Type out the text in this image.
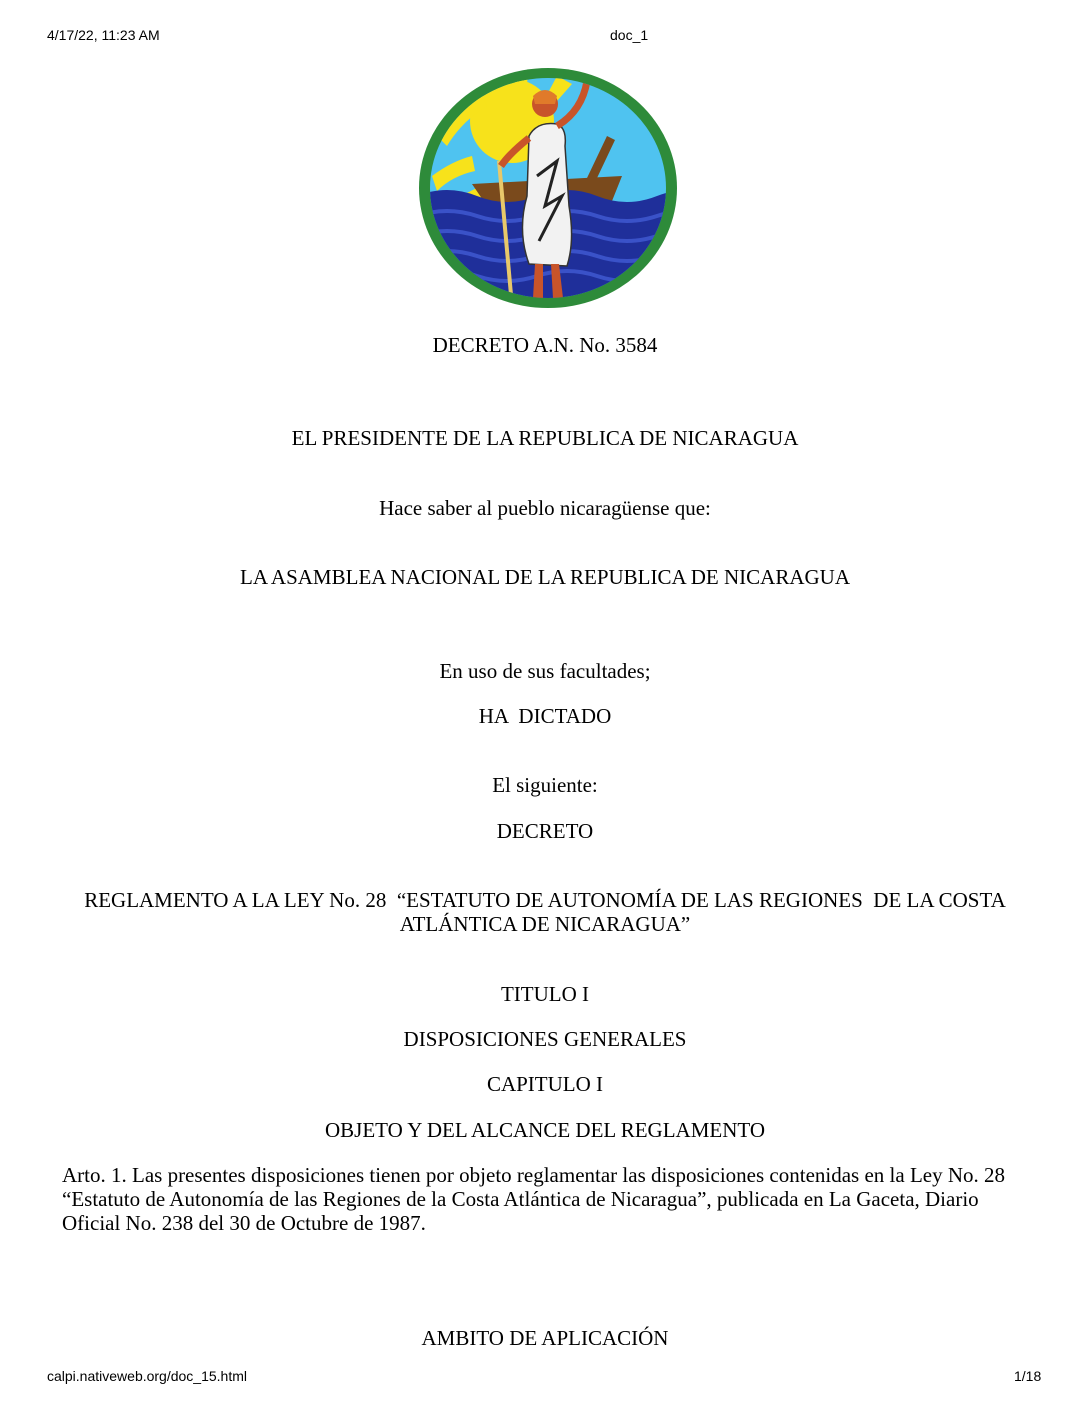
4/17/22, 11:23 AM	doc_1
DECRETO A.N. No. 3584
EL PRESIDENTE DE LA REPUBLICA DE NICARAGUA
Hace saber al pueblo nicaragüense que:
LA ASAMBLEA NACIONAL DE LA REPUBLICA DE NICARAGUA
En uso de sus facultades;
HA  DICTADO
El siguiente:
DECRETO
REGLAMENTO A LA LEY No. 28  “ESTATUTO DE AUTONOMÍA DE LAS REGIONES  DE LA COSTA
ATLÁNTICA DE NICARAGUA”
TITULO I
DISPOSICIONES GENERALES
CAPITULO I
OBJETO Y DEL ALCANCE DEL REGLAMENTO
Arto. 1. Las presentes disposiciones tienen por objeto reglamentar las disposiciones contenidas en la Ley No. 28
“Estatuto de Autonomía de las Regiones de la Costa Atlántica de Nicaragua”, publicada en La Gaceta, Diario
Oficial No. 238 del 30 de Octubre de 1987.
AMBITO DE APLICACIÓN
calpi.nativeweb.org/doc_15.html	1/18
